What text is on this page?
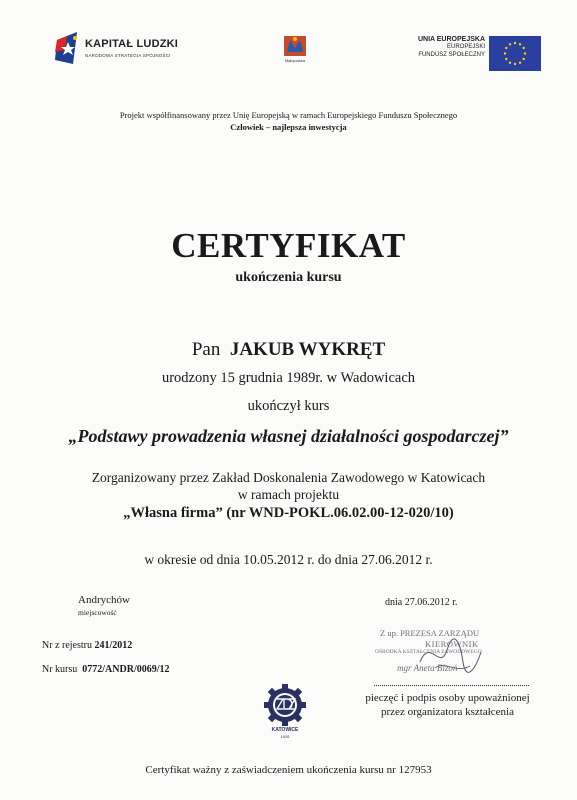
KAPITAŁ LUDZKI
NARODOWA STRATEGIA SPÓJNOŚCI
Małopolska
UNIA EUROPEJSKA
EUROPEJSKI
FUNDUSZ SPOŁECZNY
Projekt współfinansowany przez Unię Europejską w ramach Europejskiego Funduszu Społecznego
Człowiek – najlepsza inwestycja
CERTYFIKAT
ukończenia kursu
Pan JAKUB WYKRĘT
urodzony 15 grudnia 1989r. w Wadowicach
ukończył kurs
„Podstawy prowadzenia własnej działalności gospodarczej”
Zorganizowany przez Zakład Doskonalenia Zawodowego w Katowicach
w ramach projektu
„Własna firma” (nr WND-POKL.06.02.00-12-020/10)
w okresie od dnia 10.05.2012 r. do dnia 27.06.2012 r.
Andrychów
miejscowość
dnia 27.06.2012 r.
Nr z rejestru 241/2012
Nr kursu 0772/ANDR/0069/12
Z up. PREZESA ZARZĄDU
KIEROWNIK
OŚRODKA KSZTAŁCENIA ZAWODOWEGO
mgr Aneta Bizoń
pieczęć i podpis osoby upoważnionej
przez organizatora kształcenia
KATOWICE
1926
Certyfikat ważny z zaświadczeniem ukończenia kursu nr 127953
